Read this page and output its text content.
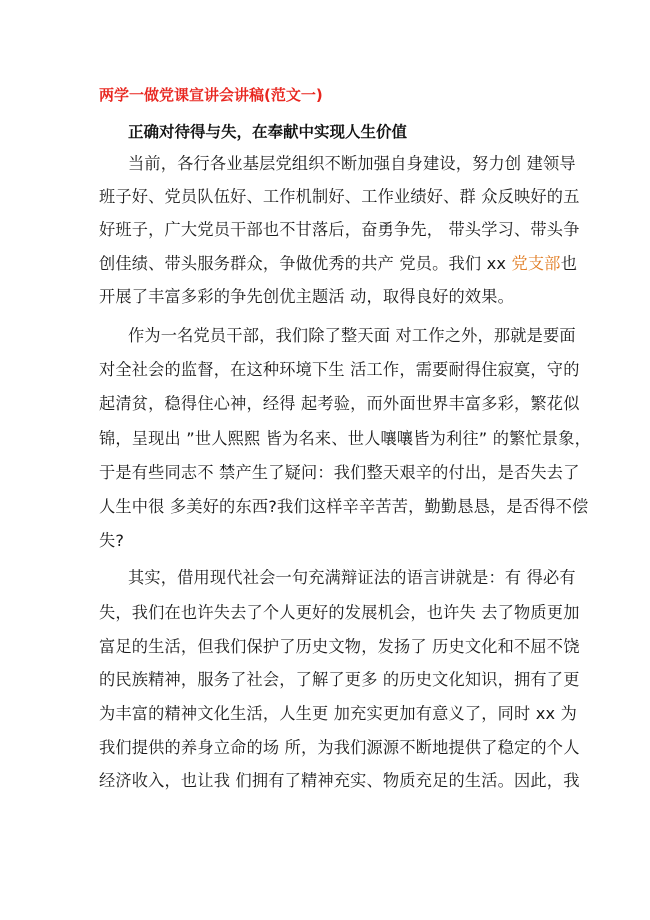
两学一做党课宣讲会讲稿(范文一)
正确对待得与失，在奉献中实现人生价值
当前，各行各业基层党组织不断加强自身建设，努力创 建领导
班子好、党员队伍好、工作机制好、工作业绩好、群 众反映好的五
好班子，广大党员干部也不甘落后，奋勇争先， 带头学习、带头争
创佳绩、带头服务群众，争做优秀的共产 党员。我们 xx 党支部也
开展了丰富多彩的争先创优主题活 动，取得良好的效果。
作为一名党员干部，我们除了整天面 对工作之外，那就是要面
对全社会的监督，在这种环境下生 活工作，需要耐得住寂寞，守的
起清贫，稳得住心神，经得 起考验，而外面世界丰富多彩，繁花似
锦，呈现出 ”世人熙熙 皆为名来、世人嚷嚷皆为利往” 的繁忙景象，
于是有些同志不 禁产生了疑问：我们整天艰辛的付出，是否失去了
人生中很 多美好的东西?我们这样辛辛苦苦，勤勤恳恳，是否得不偿
失?
其实，借用现代社会一句充满辩证法的语言讲就是：有 得必有
失，我们在也许失去了个人更好的发展机会，也许失 去了物质更加
富足的生活，但我们保护了历史文物，发扬了 历史文化和不屈不饶
的民族精神，服务了社会，了解了更多 的历史文化知识，拥有了更
为丰富的精神文化生活，人生更 加充实更加有意义了，同时 xx 为
我们提供的养身立命的场 所，为我们源源不断地提供了稳定的个人
经济收入，也让我 们拥有了精神充实、物质充足的生活。因此，我
